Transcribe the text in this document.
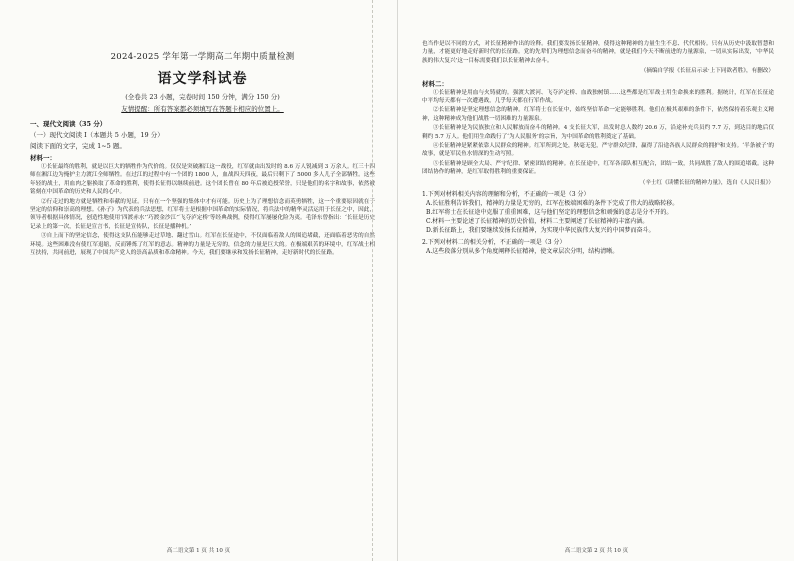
2024-2025 学年第一学期高二年期中质量检测
语文学科试卷
(全卷共 23 小题，完卷时间 150 分钟，满分 150 分)
友情提醒：所有答案都必须填写在答题卡相应的位置上。
一、现代文阅读（35 分）
（一）现代文阅读 I（本题共 5 小题，19 分）
阅读下面的文字，完成 1~5 题。
材料一：

①长征最终的胜利，就是以巨大的牺牲作为代价的。仅仅是突破湘江这一战役，红军就由出发时的 8.6 万人锐减到 3 万余人。红三十四师在湘江边为掩护主力渡江全师牺牲。在过江的过程中有一个团的 1800 人，血战四天四夜，最后只剩下了 5000 多人儿子全部牺牲。这些年轻的战士，用血肉之躯换取了革命的胜利，使得长征得以继续前进。这个团长曾在 80 年后被追授荣誉，只是他们的名字和故事，依然被铭刻在中国革命的历史和人民的心中。

②行走过的地方就是牺牲和奉献的见证。只有在一个坚强的集体中才有可能。历史上为了理想信念而英勇牺牲，这一个重要原因就在于坚定的信仰和崇高的理想。《孙子》为代表的兵法思想，红军将士是根据中国革命的实际情况，将兵法中的精华灵活运用于长征之中，因此，领导者根据具体情况，创造性地使用‘四渡赤水’‘巧渡金沙江’‘飞夺泸定桥’等经典战例，使得红军屡屡化险为夷。毛泽东曾指出：‘长征是历史记录上的第一次，长征是宣言书，长征是宣传队，长征是播种机。’

③自上而下的坚定信念，使得这支队伍能够走过草地、翻过雪山。红军在长征途中，不仅面临着敌人的围追堵截，还面临着恶劣的自然环境。这些困难没有使红军退缩，反而锤炼了红军的意志。精神的力量是无穷的，信念的力量是巨大的。在极端艰苦的环境中，红军战士相互扶持，共同前进，展现了中国共产党人的崇高品质和革命精神。今天，我们要继承和发扬长征精神，走好新时代的长征路。

高二语文第 1 页 共 10 页

也当作是以不同的方式，对长征精神作出的诠释。我们要发扬长征精神，使得这种精神的力量生生不息、代代相传。只有从历史中汲取智慧和力量，才能更好地走好新时代的长征路。党的先辈们为理想信念而奋斗的精神，就是我们今天不断前进的力量源泉，一切从实际出发，‘中华民族的伟大复兴’这一目标需要我们以长征精神去奋斗。

（摘编自学报《长征启示录·上下同欲者胜》，有删改）

材料二：

①长征精神是用血与火铸就的。强渡大渡河、飞夺泸定桥、血战独树镇……这些都是红军战士用生命换来的胜利。据统计，红军在长征途中平均每天都有一次遭遇战，几乎每天都在行军作战。

②长征精神是坚定理想信念的精神。红军将士在长征中，始终坚信革命一定能够胜利。他们在极其艰难的条件下，依然保持着乐观主义精神，这种精神成为他们战胜一切困难的力量源泉。

③长征精神是为民族独立和人民解放而奋斗的精神。4 支长征大军，出发时总人数约 20.6 万，沿途补充兵员约 7.7 万，到达目的地后仅剩约 5.7 万人。他们用生命践行了‘为人民服务’的宗旨，为中国革命的胜利奠定了基础。

④长征精神是紧紧依靠人民群众的精神。红军所到之处，秋毫无犯，严守群众纪律，赢得了沿途各族人民群众的拥护和支持。‘半条被子’的故事，就是军民鱼水情深的生动写照。

⑤长征精神是顾全大局、严守纪律、紧密团结的精神。在长征途中，红军各部队相互配合，团结一致，共同战胜了敌人的围追堵截。这种团结协作的精神，是红军取得胜利的重要保证。

（辛士红《读懂长征的精神力量》，选自《人民日报》）

1.下列对材料相关内容的理解和分析，不正确的一项是（3 分）
A.长征胜利告诉我们，精神的力量是无穷的，红军在极端困难的条件下完成了伟大的战略转移。
B.红军将士在长征途中克服了重重困难，这与他们坚定的理想信念和顽强的意志是分不开的。
C.材料一主要论述了长征精神的历史价值，材料二主要阐述了长征精神的丰富内涵。
D.新长征路上，我们要继续发扬长征精神，为实现中华民族伟大复兴的中国梦而奋斗。
2.下列对材料二的相关分析，不正确的一项是（3 分）
A.这些段落分别从多个角度阐释长征精神，使文章层次分明，结构清晰。
高二语文第 2 页 共 10 页
